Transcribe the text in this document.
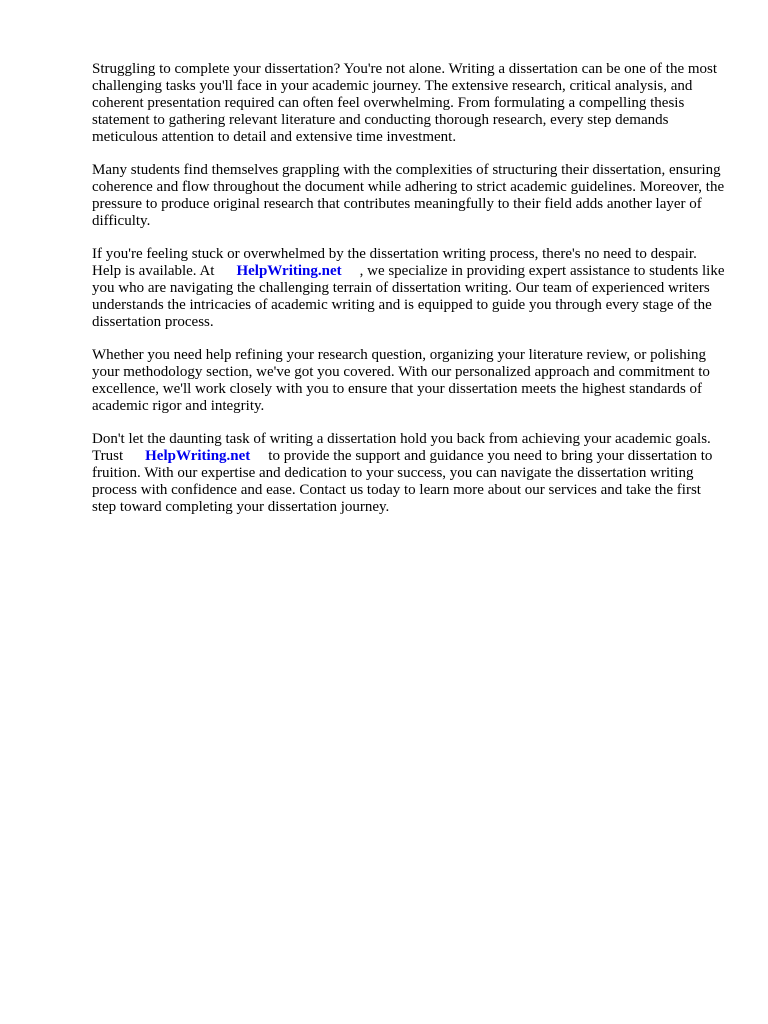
Struggling to complete your dissertation? You're not alone. Writing a dissertation can be one of the most challenging tasks you'll face in your academic journey. The extensive research, critical analysis, and coherent presentation required can often feel overwhelming. From formulating a compelling thesis statement to gathering relevant literature and conducting thorough research, every step demands meticulous attention to detail and extensive time investment.

Many students find themselves grappling with the complexities of structuring their dissertation, ensuring coherence and flow throughout the document while adhering to strict academic guidelines. Moreover, the pressure to produce original research that contributes meaningfully to their field adds another layer of difficulty.

If you're feeling stuck or overwhelmed by the dissertation writing process, there's no need to despair. Help is available. At HelpWriting.net , we specialize in providing expert assistance to students like you who are navigating the challenging terrain of dissertation writing. Our team of experienced writers understands the intricacies of academic writing and is equipped to guide you through every stage of the dissertation process.

Whether you need help refining your research question, organizing your literature review, or polishing your methodology section, we've got you covered. With our personalized approach and commitment to excellence, we'll work closely with you to ensure that your dissertation meets the highest standards of academic rigor and integrity.

Don't let the daunting task of writing a dissertation hold you back from achieving your academic goals. Trust HelpWriting.net to provide the support and guidance you need to bring your dissertation to fruition. With our expertise and dedication to your success, you can navigate the dissertation writing process with confidence and ease. Contact us today to learn more about our services and take the first step toward completing your dissertation journey.
